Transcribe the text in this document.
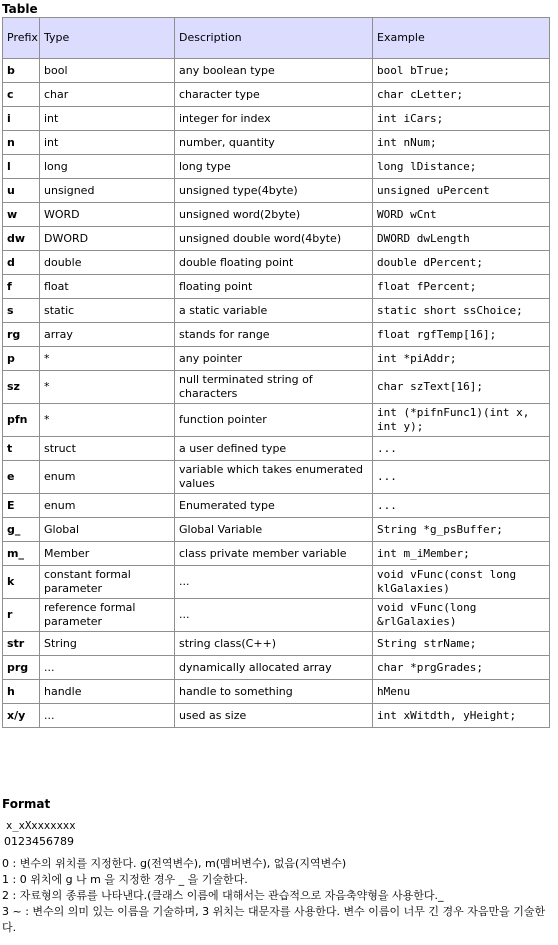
Table
Prefix	Type	Description	Example
b	bool	any boolean type	bool bTrue;
c	char	character type	char cLetter;
i	int	integer for index	int iCars;
n	int	number, quantity	int nNum;
l	long	long type	long lDistance;
u	unsigned	unsigned type(4byte)	unsigned uPercent
w	WORD	unsigned word(2byte)	WORD wCnt
dw	DWORD	unsigned double word(4byte)	DWORD dwLength
d	double	double floating point	double dPercent;
f	float	floating point	float fPercent;
s	static	a static variable	static short ssChoice;
rg	array	stands for range	float rgfTemp[16];
p	*	any pointer	int *piAddr;
sz	*	null terminated string of characters	char szText[16];
pfn	*	function pointer	int (*pifnFunc1)(int x, int y);
t	struct	a user defined type	...
e	enum	variable which takes enumerated values	...
E	enum	Enumerated type	...
g_	Global	Global Variable	String *g_psBuffer;
m_	Member	class private member variable	int m_iMember;
k	constant formal parameter	...	void vFunc(const long klGalaxies)
r	reference formal parameter	...	void vFunc(long &rlGalaxies)
str	String	string class(C++)	String strName;
prg	...	dynamically allocated array	char *prgGrades;
h	handle	handle to something	hMenu
x/y	...	used as size	int xWitdth, yHeight;
Format
x_xXxxxxxxx
0123456789

0 : 변수의 위치를 지정한다. g(전역변수), m(멤버변수), 없음(지역변수)

1 : 0 위치에 g 나 m 을 지정한 경우 _ 을 기술한다.

2 : 자료형의 종류를 나타낸다.(클래스 이름에 대해서는 관습적으로 자음축약형을 사용한다._

3 ~ : 변수의 의미 있는 이름을 기술하며, 3 위치는 대문자를 사용한다. 변수 이름이 너무 긴 경우 자음만을 기술한다.
